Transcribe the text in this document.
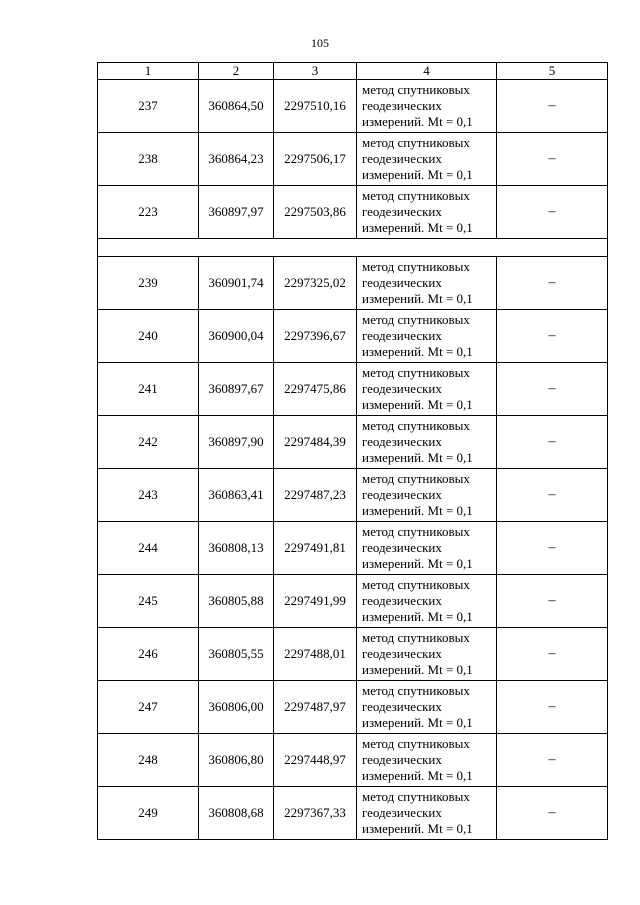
105
1	2	3	4	5
237	360864,50	2297510,16	метод спутниковых
геодезических
измерений. Mt = 0,1	–
238	360864,23	2297506,17	метод спутниковых
геодезических
измерений. Mt = 0,1	–
223	360897,97	2297503,86	метод спутниковых
геодезических
измерений. Mt = 0,1	–

239	360901,74	2297325,02	метод спутниковых
геодезических
измерений. Mt = 0,1	–
240	360900,04	2297396,67	метод спутниковых
геодезических
измерений. Mt = 0,1	–
241	360897,67	2297475,86	метод спутниковых
геодезических
измерений. Mt = 0,1	–
242	360897,90	2297484,39	метод спутниковых
геодезических
измерений. Mt = 0,1	–
243	360863,41	2297487,23	метод спутниковых
геодезических
измерений. Mt = 0,1	–
244	360808,13	2297491,81	метод спутниковых
геодезических
измерений. Mt = 0,1	–
245	360805,88	2297491,99	метод спутниковых
геодезических
измерений. Mt = 0,1	–
246	360805,55	2297488,01	метод спутниковых
геодезических
измерений. Mt = 0,1	–
247	360806,00	2297487,97	метод спутниковых
геодезических
измерений. Mt = 0,1	–
248	360806,80	2297448,97	метод спутниковых
геодезических
измерений. Mt = 0,1	–
249	360808,68	2297367,33	метод спутниковых
геодезических
измерений. Mt = 0,1	–
